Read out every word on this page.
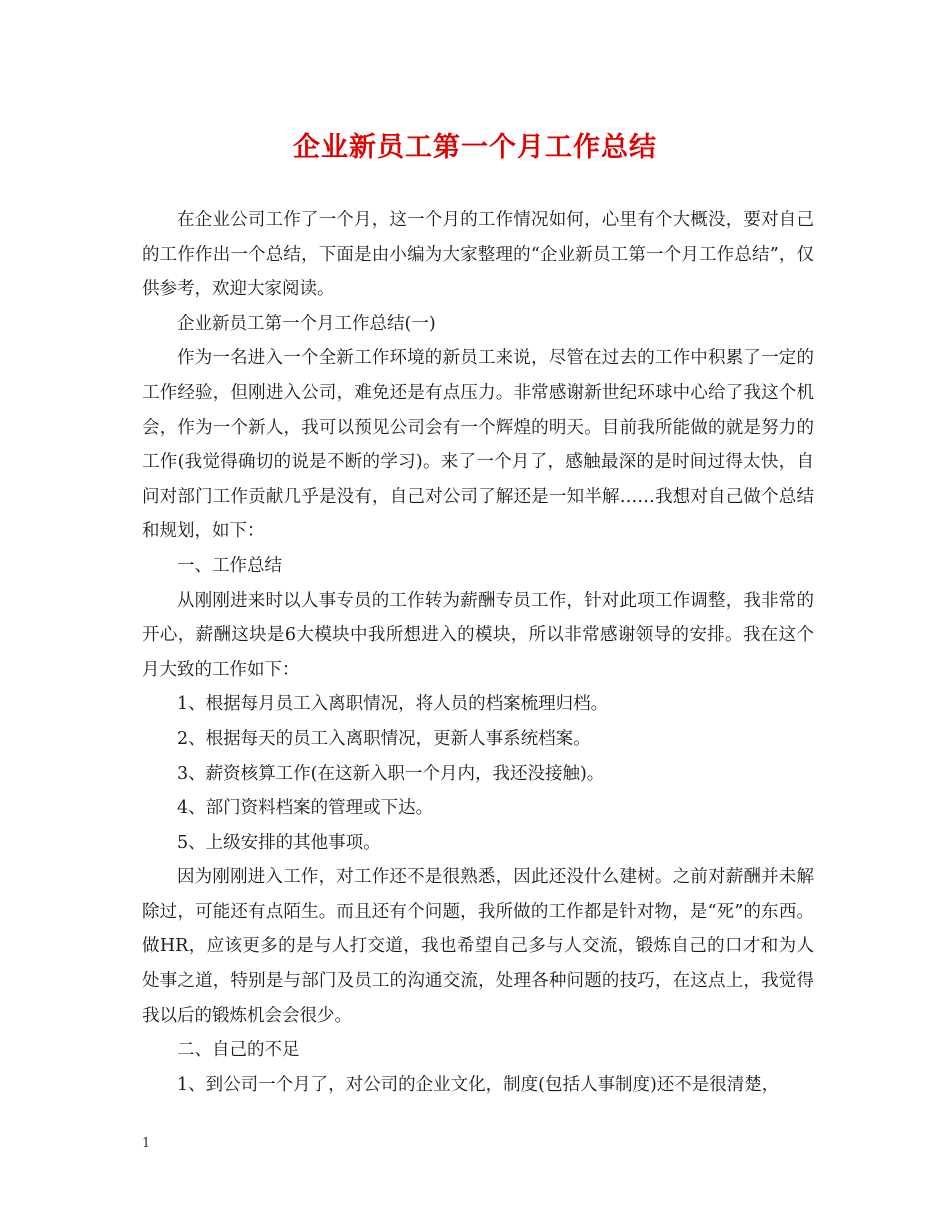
企业新员工第一个月工作总结

在企业公司工作了一个月，这一个月的工作情况如何，心里有个大概没，要对自己的工作作出一个总结，下面是由小编为大家整理的“企业新员工第一个月工作总结”，仅供参考，欢迎大家阅读。

企业新员工第一个月工作总结(一)

作为一名进入一个全新工作环境的新员工来说，尽管在过去的工作中积累了一定的工作经验，但刚进入公司，难免还是有点压力。非常感谢新世纪环球中心给了我这个机会，作为一个新人，我可以预见公司会有一个辉煌的明天。目前我所能做的就是努力的工作(我觉得确切的说是不断的学习)。来了一个月了，感触最深的是时间过得太快，自问对部门工作贡献几乎是没有，自己对公司了解还是一知半解……我想对自己做个总结和规划，如下：

一、工作总结

从刚刚进来时以人事专员的工作转为薪酬专员工作，针对此项工作调整，我非常的开心，薪酬这块是6大模块中我所想进入的模块，所以非常感谢领导的安排。我在这个月大致的工作如下：

1、根据每月员工入离职情况，将人员的档案梳理归档。

2、根据每天的员工入离职情况，更新人事系统档案。

3、薪资核算工作(在这新入职一个月内，我还没接触)。

4、部门资料档案的管理或下达。

5、上级安排的其他事项。

因为刚刚进入工作，对工作还不是很熟悉，因此还没什么建树。之前对薪酬并未解除过，可能还有点陌生。而且还有个问题，我所做的工作都是针对物，是“死”的东西。做HR，应该更多的是与人打交道，我也希望自己多与人交流，锻炼自己的口才和为人处事之道，特别是与部门及员工的沟通交流，处理各种问题的技巧，在这点上，我觉得我以后的锻炼机会会很少。

二、自己的不足

1、到公司一个月了，对公司的企业文化，制度(包括人事制度)还不是很清楚，

1
